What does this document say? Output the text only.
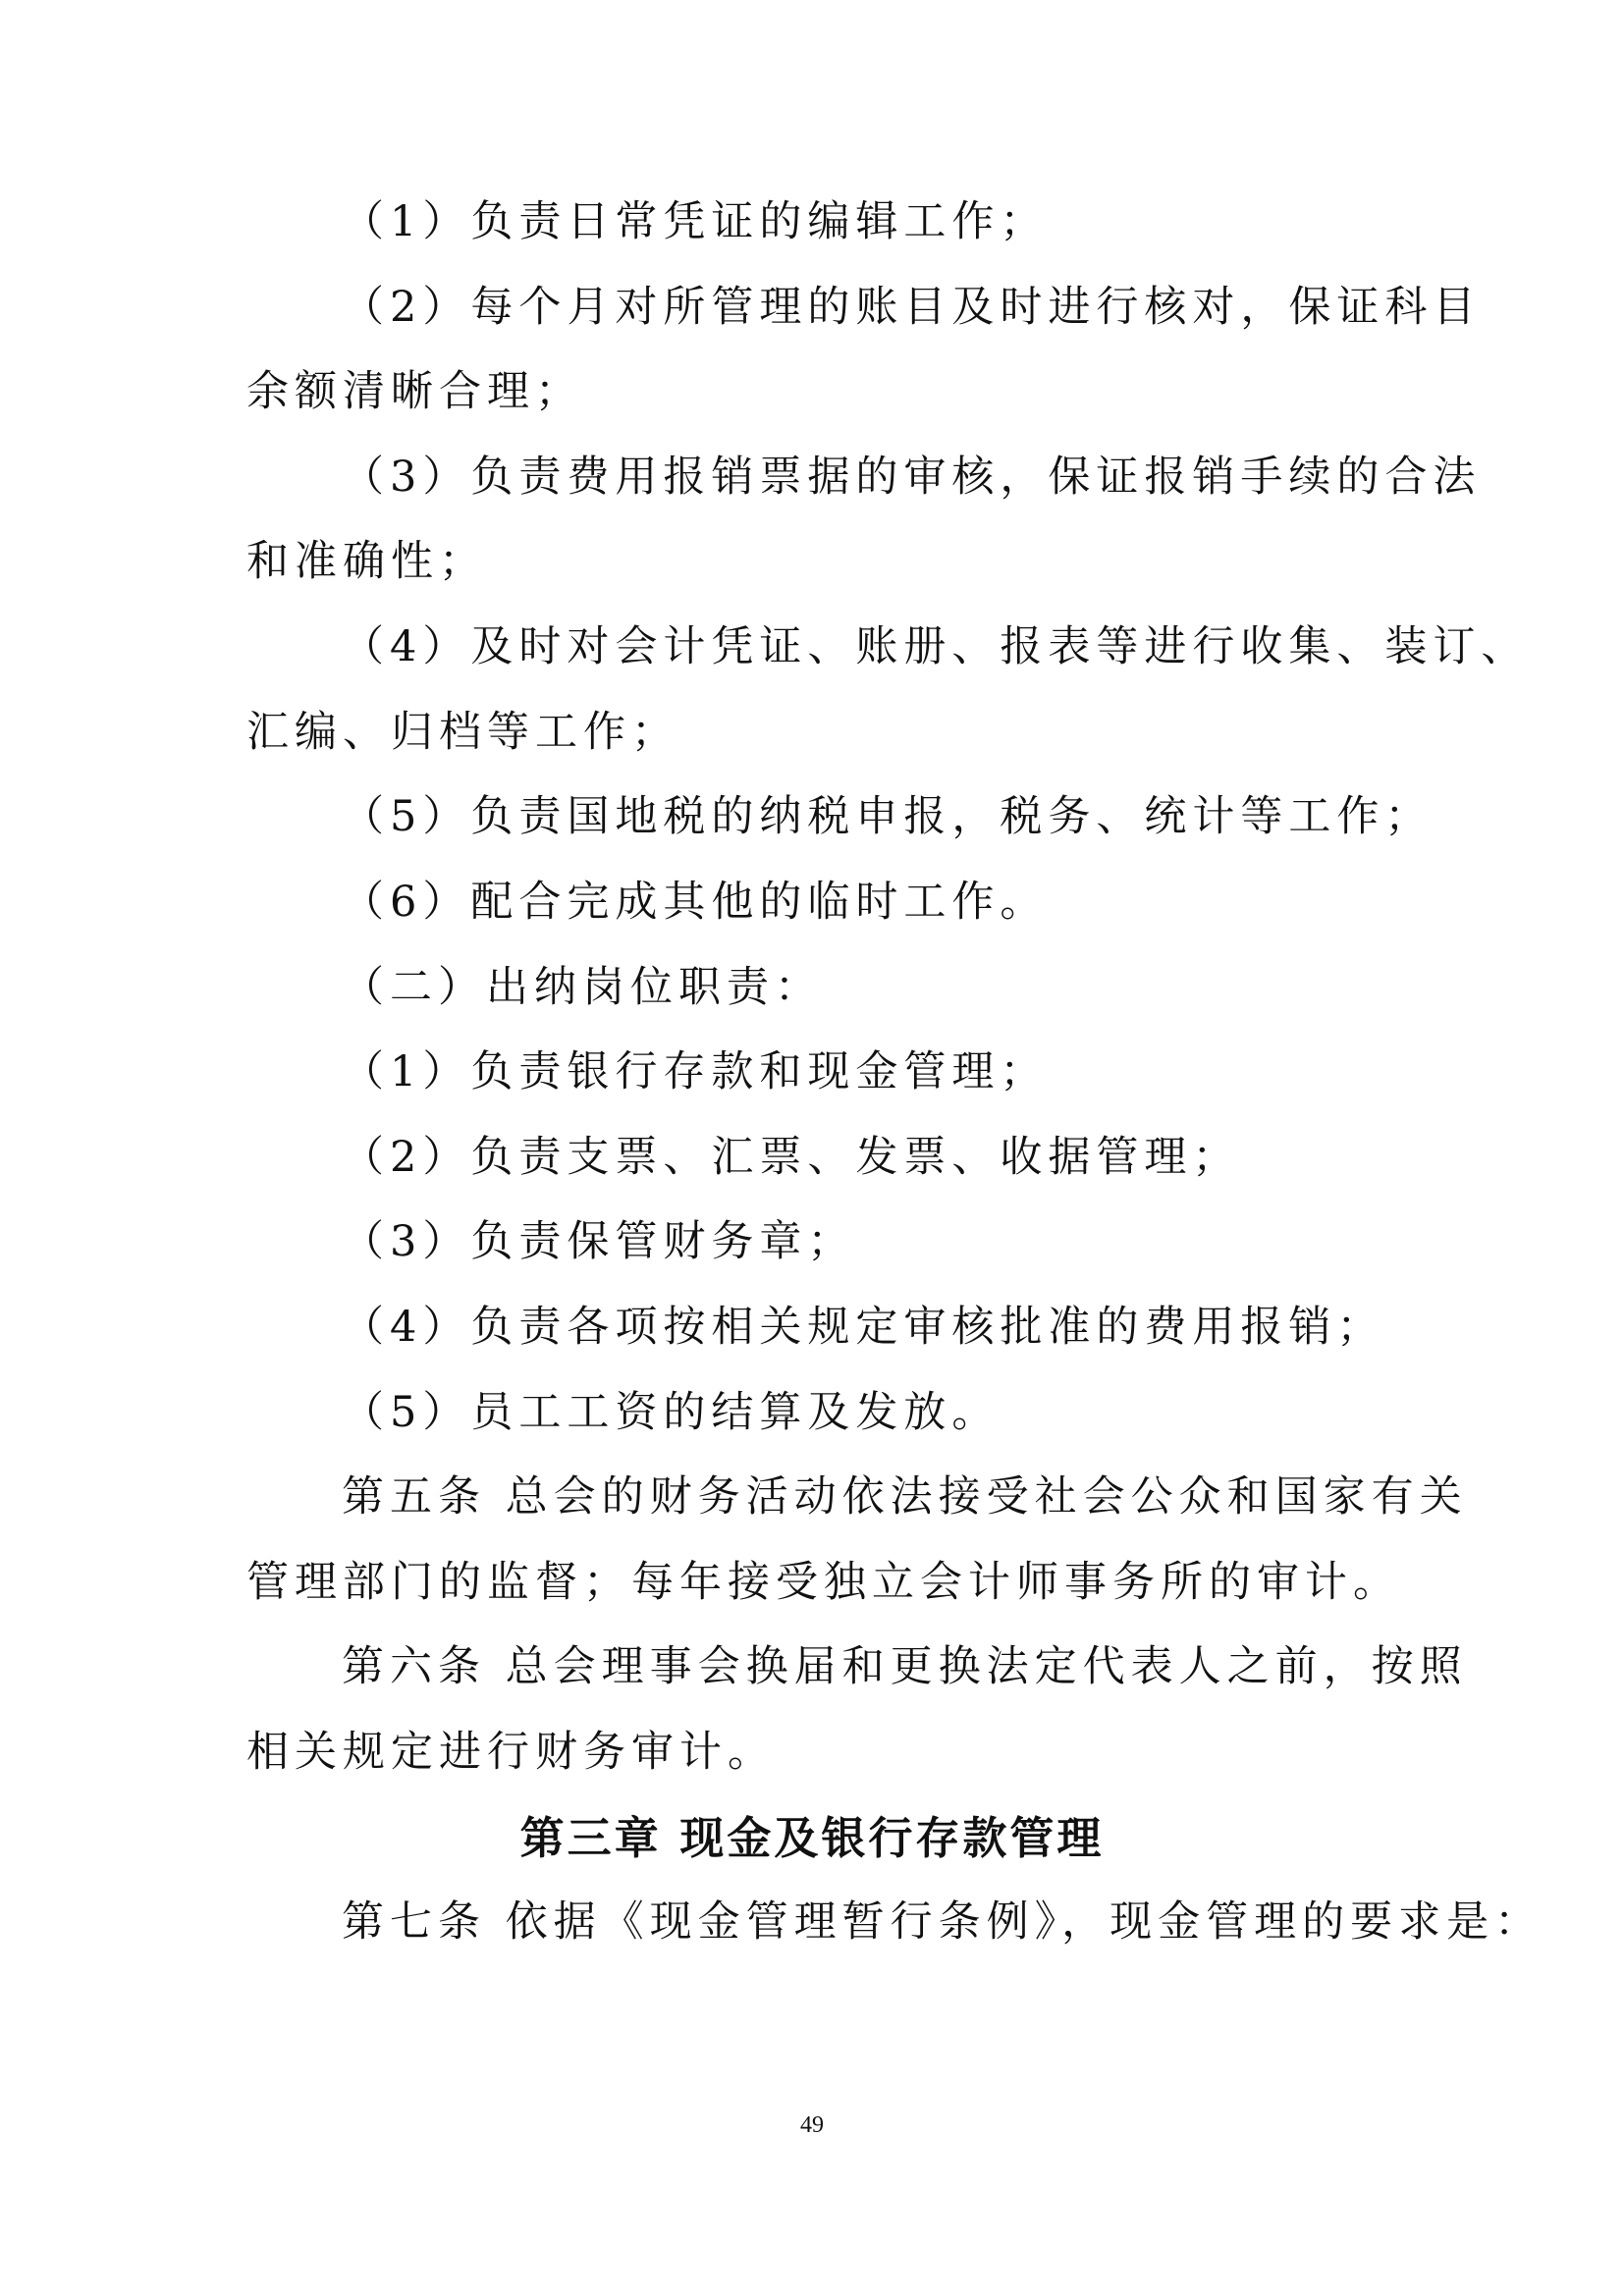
（1）负责日常凭证的编辑工作；
（2）每个月对所管理的账目及时进行核对，保证科目
余额清晰合理；
（3）负责费用报销票据的审核，保证报销手续的合法
和准确性；
（4）及时对会计凭证、账册、报表等进行收集、装订、
汇编、归档等工作；
（5）负责国地税的纳税申报，税务、统计等工作；
（6）配合完成其他的临时工作。
（二）出纳岗位职责：
（1）负责银行存款和现金管理；
（2）负责支票、汇票、发票、收据管理；
（3）负责保管财务章；
（4）负责各项按相关规定审核批准的费用报销；
（5）员工工资的结算及发放。
第五条 总会的财务活动依法接受社会公众和国家有关
管理部门的监督；每年接受独立会计师事务所的审计。
第六条 总会理事会换届和更换法定代表人之前，按照
相关规定进行财务审计。
第三章 现金及银行存款管理
第七条 依据《现金管理暂行条例》，现金管理的要求是：
49
